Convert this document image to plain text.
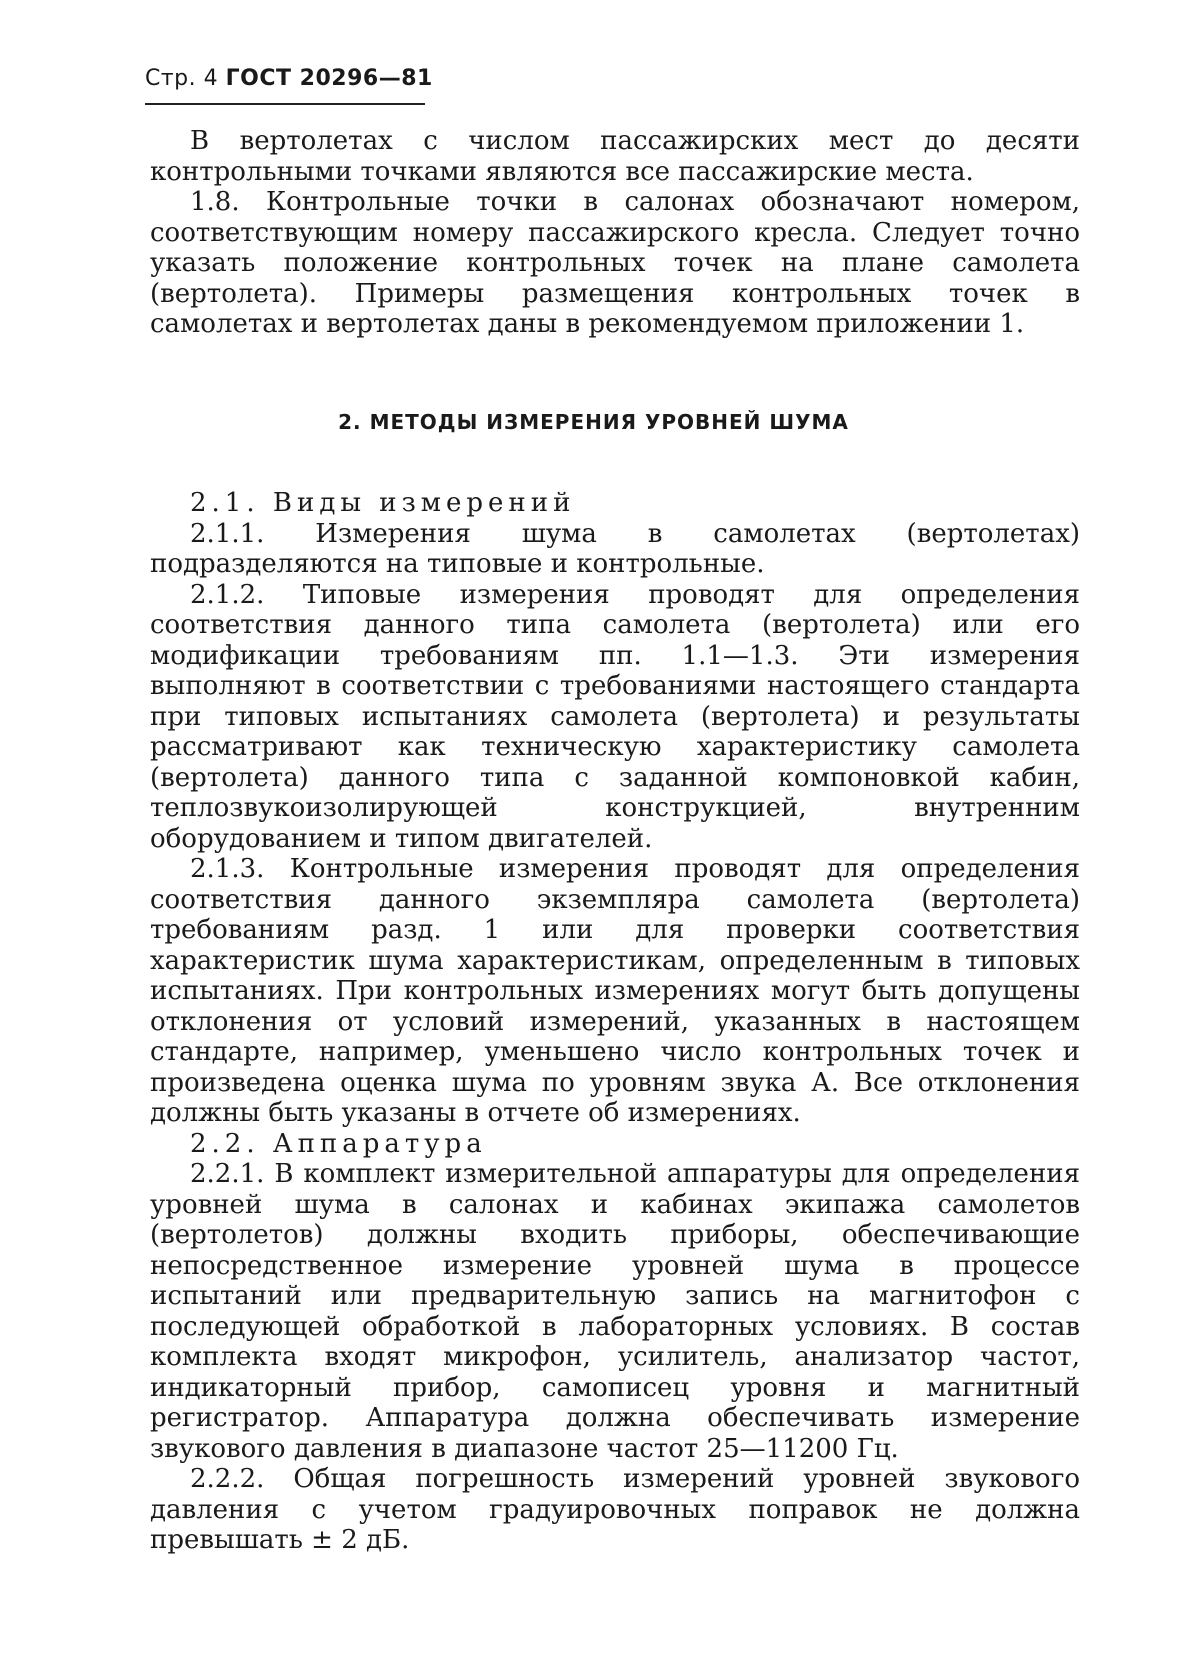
Стр. 4 ГОСТ 20296—81

В вертолетах с числом пассажирских мест до десяти контрольными точками являются все пассажирские места.

1.8. Контрольные точки в салонах обозначают номером, соответствующим номеру пассажирского кресла. Следует точно указать положение контрольных точек на плане самолета (вертолета). Примеры размещения контрольных точек в самолетах и вертолетах даны в рекомендуемом приложении 1.

2. МЕТОДЫ ИЗМЕРЕНИЯ УРОВНЕЙ ШУМА

2.1. Виды измерений

2.1.1. Измерения шума в самолетах (вертолетах) подразделяются на типовые и контрольные.

2.1.2. Типовые измерения проводят для определения соответствия данного типа самолета (вертолета) или его модификации требованиям пп. 1.1—1.3. Эти измерения выполняют в соответствии с требованиями настоящего стандарта при типовых испытаниях самолета (вертолета) и результаты рассматривают как техническую характеристику самолета (вертолета) данного типа с заданной компоновкой кабин, теплозвукоизолирующей конструкцией, внутренним оборудованием и типом двигателей.

2.1.3. Контрольные измерения проводят для определения соответствия данного экземпляра самолета (вертолета) требованиям разд. 1 или для проверки соответствия характеристик шума характеристикам, определенным в типовых испытаниях. При контрольных измерениях могут быть допущены отклонения от условий измерений, указанных в настоящем стандарте, например, уменьшено число контрольных точек и произведена оценка шума по уровням звука А. Все отклонения должны быть указаны в отчете об измерениях.

2.2. Аппаратура

2.2.1. В комплект измерительной аппаратуры для определения уровней шума в салонах и кабинах экипажа самолетов (вертолетов) должны входить приборы, обеспечивающие непосредственное измерение уровней шума в процессе испытаний или предварительную запись на магнитофон с последующей обработкой в лабораторных условиях. В состав комплекта входят микрофон, усилитель, анализатор частот, индикаторный прибор, самописец уровня и магнитный регистратор. Аппаратура должна обеспечивать измерение звукового давления в диапазоне частот 25—11200 Гц.

2.2.2. Общая погрешность измерений уровней звукового давления с учетом градуировочных поправок не должна превышать ± 2 дБ.
